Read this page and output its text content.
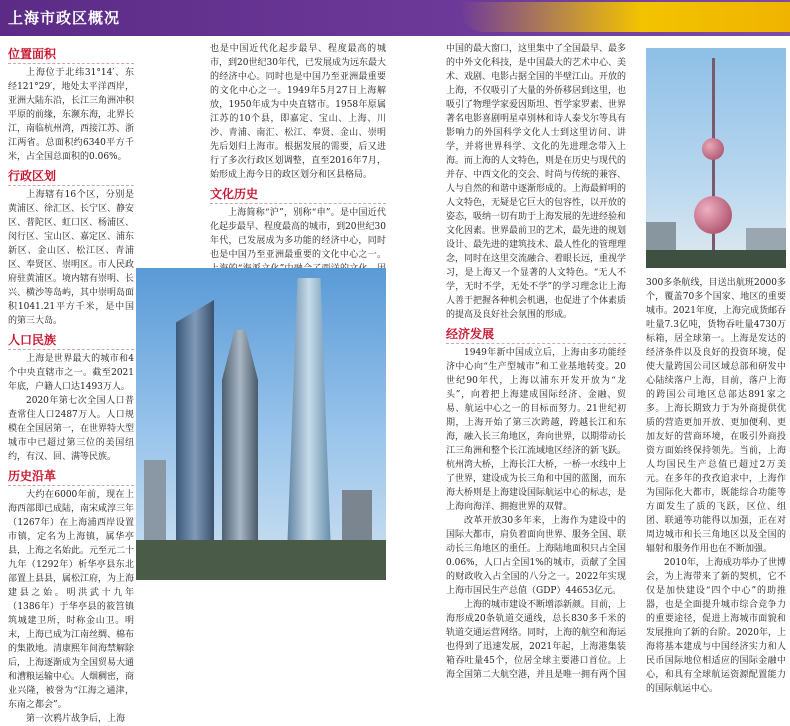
上海市政区概况
位置面积

上海位于北纬31°14′、东经121°29′，地处太平洋西岸，亚洲大陆东沿，长江三角洲冲积平原的前缘，东濒东海，北界长江，南临杭州湾，西接江苏、浙江两省。总面积约6340平方千米，占全国总面积的0.06%。

行政区划

上海辖有16个区，分别是黄浦区、徐汇区、长宁区、静安区、普陀区、虹口区、杨浦区、闵行区、宝山区、嘉定区、浦东新区、金山区、松江区、青浦区、奉贤区、崇明区。市人民政府驻黄浦区。境内辖有崇明、长兴、横沙等岛屿，其中崇明岛面积1041.21平方千米，是中国的第三大岛。

人口民族

上海是世界最大的城市和4个中央直辖市之一。截至2021年底，户籍人口达1493万人。

2020年第七次全国人口普查常住人口2487万人。人口规模在全国居第一，在世界特大型城市中已超过第三位的美国纽约，有汉、回、满等民族。

历史沿革

大约在6000年前，现在上海西部即已成陆，南宋咸淳三年（1267年）在上海浦西岸设置市镇，定名为上海镇，属华亭县，上海之名始此。元至元二十九年（1292年）析华亭县东北部置上县县，属松江府，为上海建县之始。明洪武十九年（1386年）于华亭县的筱筥镇筑城建卫所，时称金山卫。明末，上海已成为江南丝绸、棉布的集散地。清康熙年间海禁解除后，上海逐渐成为全国贸易大通和漕粮运输中心。人烟稠密，商业兴隆，被誉为“江海之通津，东南之都会”。

第一次鸦片战争后，上海

也是中国近代化起步最早、程度最高的城市，到20世纪30年代，已发展成为远东最大的经济中心。同时也是中国乃至亚洲最重要的文化中心之一。1949年5月27日上海解放，1950年成为中央直辖市。1958年原属江苏的10个县，即嘉定、宝山、上海、川沙、青浦、南汇、松江、奉贤、金山、崇明先后划归上海市。根据发展的需要，后又进行了多次行政区划调整，直至2016年7月，始形成上海今日的政区划分和区县格局。

文化历史

上海简称“沪”，别称“申”。是中国近代化起步最早、程度最高的城市，到20世纪30年代，已发展成为多功能的经济中心，同时也是中国乃至亚洲最重要的文化中心之一。

中国的最大窗口，这里集中了全国最早、最多的中外文化科技，是中国最大的艺术中心、美术、戏剧、电影占据全国的半壁江山。开放的上海，不仅吸引了大量的外侨移居到这里，也吸引了物理学家爱因斯坦、哲学家罗素、世界著名电影喜剧明星卓别林和诗人泰戈尔等具有影响力的外国科学文化人士到这里访问、讲学，并将世界科学、文化的先进理念带入上海。而上海的人文特色，则是在历史与现代的并存、中西文化的交会、时尚与传统的兼容、人与自然的和谐中逐渐形成的。上海最鲜明的人文特色，无疑是它巨大的包容性，以开放的姿态，吸纳一切有助于上海发展的先进经验和文化因素。世界最前卫的艺术，最先进的规划设计、最先进的建筑技术、最人性化的管理理念，同时在这里交流融合、着眼长远，重视学习，是上海又一个显著的人文特色。“无人不学，无时不学，无处不学”的学习理念让上海人善于把握各种机会机遇，也促进了个体素质的提高及良好社会氛围的形成。

经济发展

1949年新中国成立后，上海由多功能经济中心向“生产型城市”和工业基地转变。20世纪90年代，上海以浦东开发开放为“龙头”，向着把上海建成国际经济、金融、贸易、航运中心之一的目标而努力。21世纪初期，上海开始了第三次跨越，跨越长江和东海，融入长三角地区，奔向世界，以期带动长江三角洲和整个长江流域地区经济的新飞跃。杭州湾大桥，上海长江大桥，一桥一水线中上了世界，建设成为长三角和中国的蓝图，而东海大桥则是上海建设国际航运中心的标志，是上海向海洋、拥抱世界的双臂。

改革开放30多年来，上海作为建设中的国际大都市，肩负着面向世界、服务全国、联动长三角地区的重任。上海陆地面积只占全国0.06%，人口占全国1%的城市，贡献了全国的财政收入占全国的八分之一。2022年实现上海市国民生产总值（GDP）44653亿元。

上海的城市建设不断增添新颜。目前，上海形成20条轨道交通线，总长830多千米的轨道交通运营网络。同时，上海的航空和海运也得到了迅速发展，2021年起，上海港集装箱吞吐量45个，位居全球主要港口首位。上海全国第二大航空港，并且是唯一拥有两个国

300多条航线，目送出航班2000多个，覆盖70多个国家、地区的重要城市。2021年度，上海完成货邮吞吐量7.3亿吨，货物吞吐量4730万标箱，居全球第一。上海是发达的经济条件以及良好的投资环境，促使大量跨国公司区域总部和研发中心陆续落户上海，目前，落户上海的跨国公司地区总部达891家之多。上海长期致力于为外商提供优质的营造更加开放、更加便利、更加友好的营商环境，在吸引外商投资方面始终保持领先。当前，上海人均国民生产总值已超过2万美元。在多年的孜孜追求中，上海作为国际化大都市，既能综合功能等方面发生了质的飞跃，区位、组团、联通等功能得以加强，正在对周边城市和长三角地区以及全国的辐射和服务作用也在不断加强。

2010年，上海成功举办了世博会，为上海带来了新的契机，它不仅是加快建设“四个中心”的助推器，也是全面提升城市综合竞争力的重要途径，促进上海城市面貌和发展推向了新的台阶。2020年，上海将基本建成与中国经济实力和人民币国际地位相适应的国际金融中心，和具有全球航运资源配置能力的国际航运中心。
